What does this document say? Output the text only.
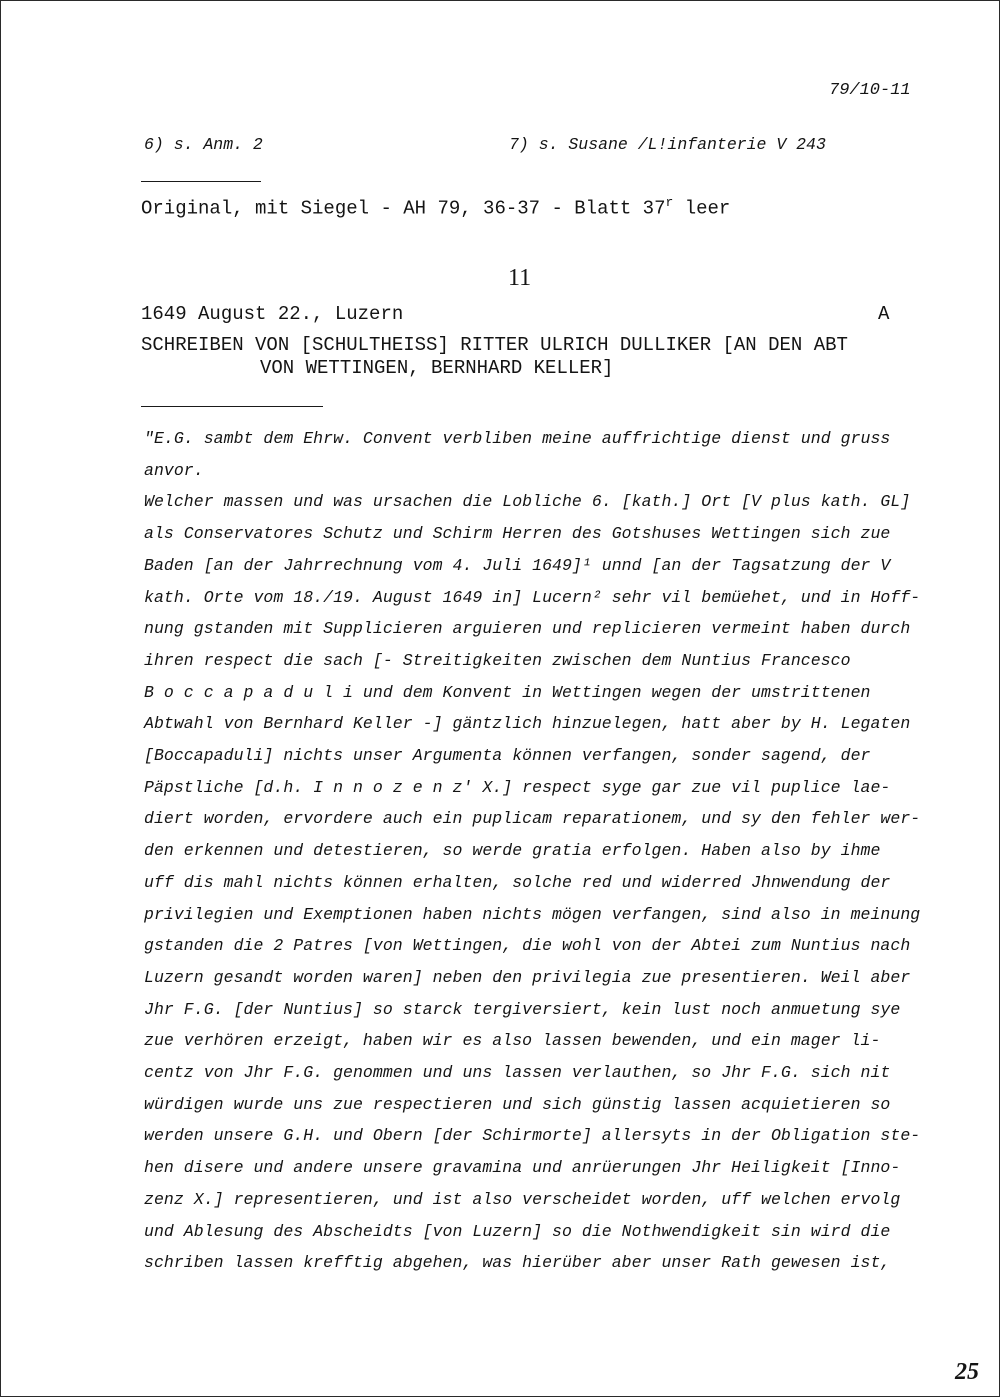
79/10-11
6) s. Anm. 2	7) s. Susane /L!infanterie V 243
Original, mit Siegel - AH 79, 36-37 - Blatt 37$^r$ leer
11
1649 August 22., Luzern	A
SCHREIBEN VON [SCHULTHEISS] RITTER ULRICH DULLIKER [AN DEN ABT
VON WETTINGEN, BERNHARD KELLER]
"E.G. sambt dem Ehrw. Convent verbliben meine auffrichtige dienst und gruss
anvor.
Welcher massen und was ursachen die Lobliche 6. [kath.] Ort [V plus kath. GL]
als Conservatores Schutz und Schirm Herren des Gotshuses Wettingen sich zue
Baden [an der Jahrrechnung vom 4. Juli 1649]¹ unnd [an der Tagsatzung der V
kath. Orte vom 18./19. August 1649 in] Lucern² sehr vil bemüehet, und in Hoff-
nung gstanden mit Supplicieren arguieren und replicieren vermeint haben durch
ihren respect die sach [- Streitigkeiten zwischen dem Nuntius Francesco
B o c c a p a d u l i und dem Konvent in Wettingen wegen der umstrittenen
Abtwahl von Bernhard Keller -] gäntzlich hinzuelegen, hatt aber by H. Legaten
[Boccapaduli] nichts unser Argumenta können verfangen, sonder sagend, der
Päpstliche [d.h. I n n o z e n z' X.] respect syge gar zue vil puplice lae-
diert worden, ervordere auch ein puplicam reparationem, und sy den fehler wer-
den erkennen und detestieren, so werde gratia erfolgen. Haben also by ihme
uff dis mahl nichts können erhalten, solche red und widerred Jhnwendung der
privilegien und Exemptionen haben nichts mögen verfangen, sind also in meinung
gstanden die 2 Patres [von Wettingen, die wohl von der Abtei zum Nuntius nach
Luzern gesandt worden waren] neben den privilegia zue presentieren. Weil aber
Jhr F.G. [der Nuntius] so starck tergiversiert, kein lust noch anmuetung sye
zue verhören erzeigt, haben wir es also lassen bewenden, und ein mager li-
centz von Jhr F.G. genommen und uns lassen verlauthen, so Jhr F.G. sich nit
würdigen wurde uns zue respectieren und sich günstig lassen acquietieren so
werden unsere G.H. und Obern [der Schirmorte] allersyts in der Obligation ste-
hen disere und andere unsere gravamina und anrüerungen Jhr Heiligkeit [Inno-
zenz X.] representieren, und ist also verscheidet worden, uff welchen ervolg
und Ablesung des Abscheidts [von Luzern] so die Nothwendigkeit sin wird die
schriben lassen krefftig abgehen, was hierüber aber unser Rath gewesen ist,
25
